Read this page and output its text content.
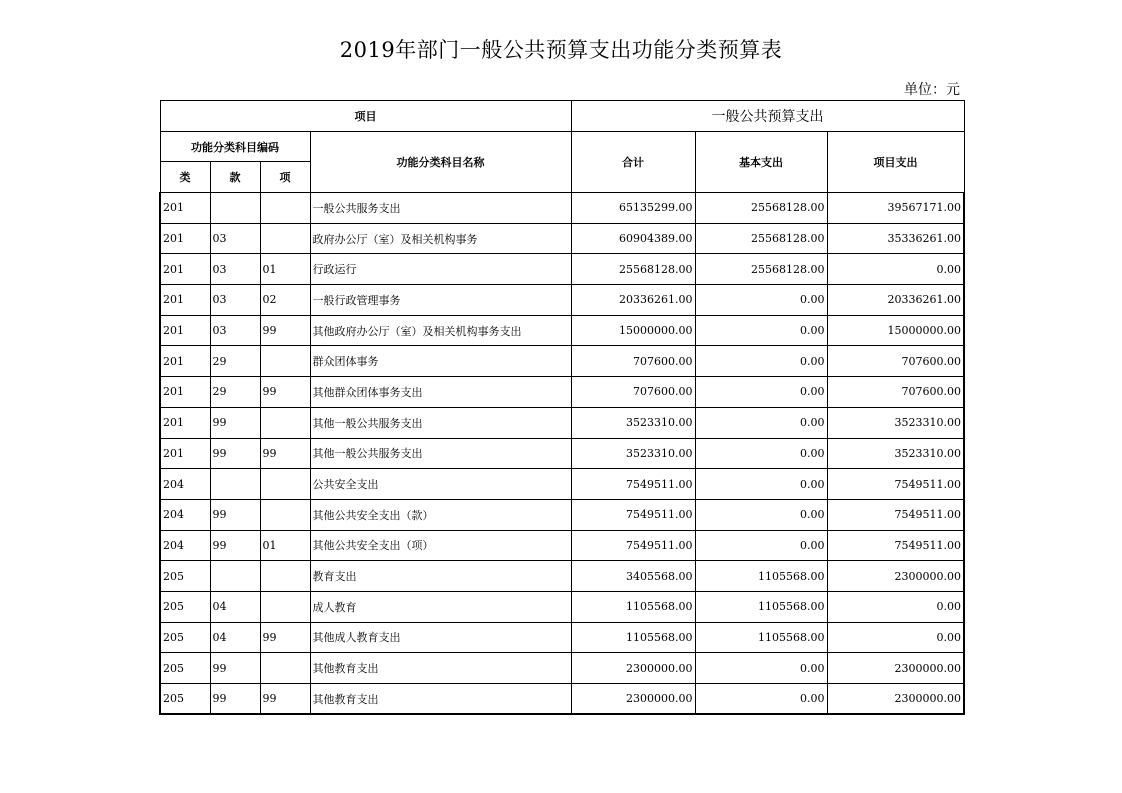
2019年部门一般公共预算支出功能分类预算表
单位：元
项目				一般公共预算支出		
功能分类科目编码			功能分类科目名称	合计	基本支出	项目支出
类	款	项				
201			一般公共服务支出	65135299.00	25568128.00	39567171.00
201	03		政府办公厅（室）及相关机构事务	60904389.00	25568128.00	35336261.00
201	03	01	行政运行	25568128.00	25568128.00	0.00
201	03	02	一般行政管理事务	20336261.00	0.00	20336261.00
201	03	99	其他政府办公厅（室）及相关机构事务支出	15000000.00	0.00	15000000.00
201	29		群众团体事务	707600.00	0.00	707600.00
201	29	99	其他群众团体事务支出	707600.00	0.00	707600.00
201	99		其他一般公共服务支出	3523310.00	0.00	3523310.00
201	99	99	其他一般公共服务支出	3523310.00	0.00	3523310.00
204			公共安全支出	7549511.00	0.00	7549511.00
204	99		其他公共安全支出（款）	7549511.00	0.00	7549511.00
204	99	01	其他公共安全支出（项）	7549511.00	0.00	7549511.00
205			教育支出	3405568.00	1105568.00	2300000.00
205	04		成人教育	1105568.00	1105568.00	0.00
205	04	99	其他成人教育支出	1105568.00	1105568.00	0.00
205	99		其他教育支出	2300000.00	0.00	2300000.00
205	99	99	其他教育支出	2300000.00	0.00	2300000.00
